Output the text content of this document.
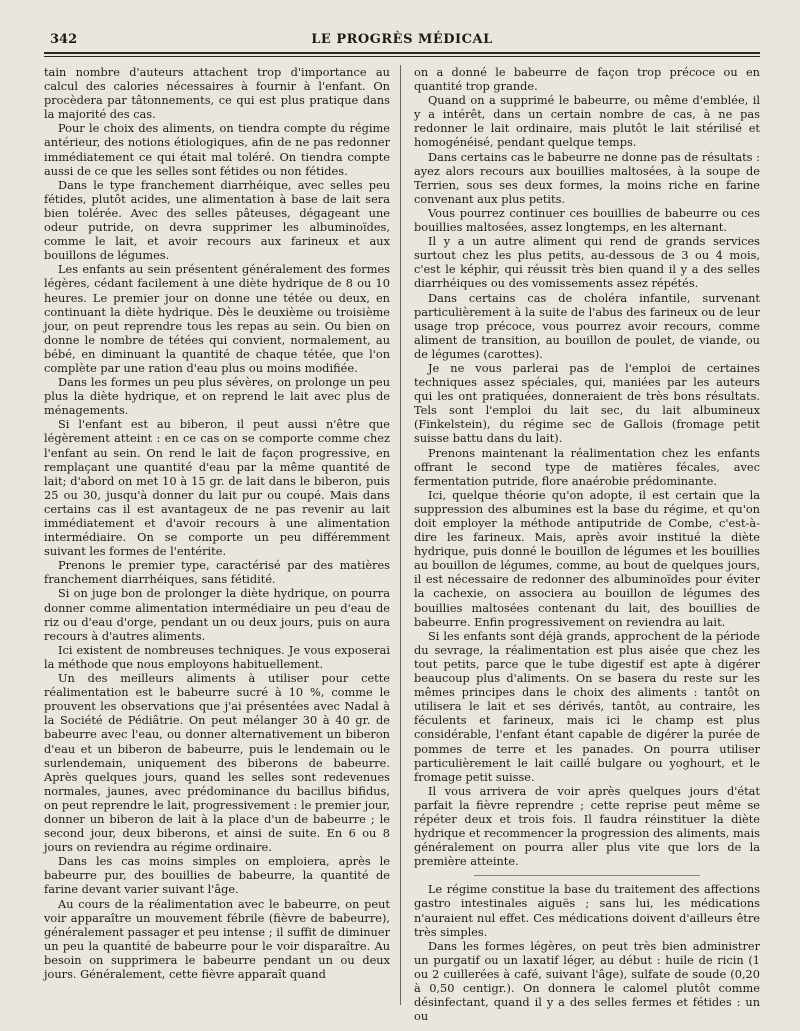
342	LE PROGRÈS MÉDICAL

tain nombre d'auteurs attachent trop d'importance au calcul des calories nécessaires à fournir à l'enfant. On procèdera par tâtonnements, ce qui est plus pratique dans la majorité des cas.

Pour le choix des aliments, on tiendra compte du régime antérieur, des notions étiologiques, afin de ne pas redonner immédiatement ce qui était mal toléré. On tiendra compte aussi de ce que les selles sont fétides ou non fétides.

Dans le type franchement diarrhéique, avec selles peu fétides, plutôt acides, une alimentation à base de lait sera bien tolérée. Avec des selles pâteuses, dégageant une odeur putride, on devra supprimer les albuminoïdes, comme le lait, et avoir recours aux farineux et aux bouillons de légumes.

Les enfants au sein présentent généralement des formes légères, cédant facilement à une diète hydrique de 8 ou 10 heures. Le premier jour on donne une tétée ou deux, en continuant la diète hydrique. Dès le deuxième ou troisième jour, on peut reprendre tous les repas au sein. Ou bien on donne le nombre de tétées qui convient, normalement, au bébé, en diminuant la quantité de chaque tétée, que l'on complète par une ration d'eau plus ou moins modifiée.

Dans les formes un peu plus sévères, on prolonge un peu plus la diète hydrique, et on reprend le lait avec plus de ménagements.

Si l'enfant est au biberon, il peut aussi n'être que légèrement atteint : en ce cas on se comporte comme chez l'enfant au sein. On rend le lait de façon progressive, en remplaçant une quantité d'eau par la même quantité de lait; d'abord on met 10 à 15 gr. de lait dans le biberon, puis 25 ou 30, jusqu'à donner du lait pur ou coupé. Mais dans certains cas il est avantageux de ne pas revenir au lait immédiatement et d'avoir recours à une alimentation intermédiaire. On se comporte un peu différemment suivant les formes de l'entérite.

Prenons le premier type, caractérisé par des matières franchement diarrhéiques, sans fétidité.

Si on juge bon de prolonger la diète hydrique, on pourra donner comme alimentation intermédiaire un peu d'eau de riz ou d'eau d'orge, pendant un ou deux jours, puis on aura recours à d'autres aliments.

Ici existent de nombreuses techniques. Je vous exposerai la méthode que nous employons habituellement.

Un des meilleurs aliments à utiliser pour cette réalimentation est le babeurre sucré à 10 %, comme le prouvent les observations que j'ai présentées avec Nadal à la Société de Pédiâtrie. On peut mélanger 30 à 40 gr. de babeurre avec l'eau, ou donner alternativement un biberon d'eau et un biberon de babeurre, puis le lendemain ou le surlendemain, uniquement des biberons de babeurre. Après quelques jours, quand les selles sont redevenues normales, jaunes, avec prédominance du bacillus bifidus, on peut reprendre le lait, progressivement : le premier jour, donner un biberon de lait à la place d'un de babeurre ; le second jour, deux biberons, et ainsi de suite. En 6 ou 8 jours on reviendra au régime ordinaire.

Dans les cas moins simples on emploiera, après le babeurre pur, des bouillies de babeurre, la quantité de farine devant varier suivant l'âge.

Au cours de la réalimentation avec le babeurre, on peut voir apparaître un mouvement fébrile (fièvre de babeurre), généralement passager et peu intense ; il suffit de diminuer un peu la quantité de babeurre pour le voir disparaître. Au besoin on supprimera le babeurre pendant un ou deux jours. Généralement, cette fièvre apparaît quand

on a donné le babeurre de façon trop précoce ou en quantité trop grande.

Quand on a supprimé le babeurre, ou même d'emblée, il y a intérêt, dans un certain nombre de cas, à ne pas redonner le lait ordinaire, mais plutôt le lait stérilisé et homogénéisé, pendant quelque temps.

Dans certains cas le babeurre ne donne pas de résultats : ayez alors recours aux bouillies maltosées, à la soupe de Terrien, sous ses deux formes, la moins riche en farine convenant aux plus petits.

Vous pourrez continuer ces bouillies de babeurre ou ces bouillies maltosées, assez longtemps, en les alternant.

Il y a un autre aliment qui rend de grands services surtout chez les plus petits, au-dessous de 3 ou 4 mois, c'est le képhir, qui réussit très bien quand il y a des selles diarrhéiques ou des vomissements assez répétés.

Dans certains cas de choléra infantile, survenant particulièrement à la suite de l'abus des farineux ou de leur usage trop précoce, vous pourrez avoir recours, comme aliment de transition, au bouillon de poulet, de viande, ou de légumes (carottes).

Je ne vous parlerai pas de l'emploi de certaines techniques assez spéciales, qui, maniées par les auteurs qui les ont pratiquées, donneraient de très bons résultats. Tels sont l'emploi du lait sec, du lait albumineux (Finkelstein), du régime sec de Gallois (fromage petit suisse battu dans du lait).

Prenons maintenant la réalimentation chez les enfants offrant le second type de matières fécales, avec fermentation putride, flore anaérobie prédominante.

Ici, quelque théorie qu'on adopte, il est certain que la suppression des albumines est la base du régime, et qu'on doit employer la méthode antiputride de Combe, c'est-à-dire les farineux. Mais, après avoir institué la diète hydrique, puis donné le bouillon de légumes et les bouillies au bouillon de légumes, comme, au bout de quelques jours, il est nécessaire de redonner des albuminoïdes pour éviter la cachexie, on associera au bouillon de légumes des bouillies maltosées contenant du lait, des bouillies de babeurre. Enfin progressivement on reviendra au lait.

Si les enfants sont déjà grands, approchent de la période du sevrage, la réalimentation est plus aisée que chez les tout petits, parce que le tube digestif est apte à digérer beaucoup plus d'aliments. On se basera du reste sur les mêmes principes dans le choix des aliments : tantôt on utilisera le lait et ses dérivés, tantôt, au contraire, les féculents et farineux, mais ici le champ est plus considérable, l'enfant étant capable de digérer la purée de pommes de terre et les panades. On pourra utiliser particulièrement le lait caillé bulgare ou yoghourt, et le fromage petit suisse.

Il vous arrivera de voir après quelques jours d'état parfait la fièvre reprendre ; cette reprise peut même se répéter deux et trois fois. Il faudra réinstituer la diète hydrique et recommencer la progression des aliments, mais généralement on pourra aller plus vite que lors de la première atteinte.

Le régime constitue la base du traitement des affections gastro intestinales aiguës ; sans lui, les médications n'auraient nul effet. Ces médications doivent d'ailleurs être très simples.

Dans les formes légères, on peut très bien administrer un purgatif ou un laxatif léger, au début : huile de ricin (1 ou 2 cuillerées à café, suivant l'âge), sulfate de soude (0,20 à 0,50 centigr.). On donnera le calomel plutôt comme désinfectant, quand il y a des selles fermes et fétides : un ou
